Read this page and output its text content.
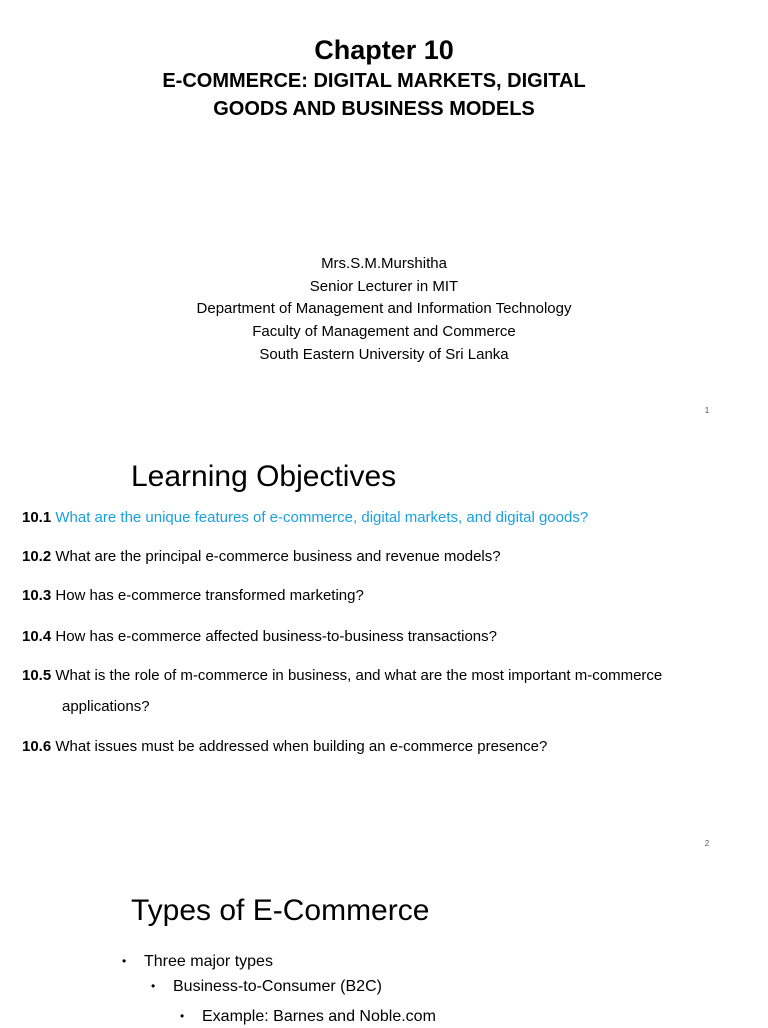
Chapter 10
E-COMMERCE: DIGITAL MARKETS, DIGITAL
GOODS AND BUSINESS MODELS
Mrs.S.M.Murshitha
Senior Lecturer in MIT
Department of Management and Information Technology
Faculty of Management and Commerce
South Eastern University of Sri Lanka
1
Learning Objectives
10.1 What are the unique features of e-commerce, digital markets, and digital goods?
10.2 What are the principal e-commerce business and revenue models?
10.3 How has e-commerce transformed marketing?
10.4 How has e-commerce affected business-to-business transactions?
10.5 What is the role of m-commerce in business, and what are the most important m-commerce
applications?
10.6 What issues must be addressed when building an e-commerce presence?
2
Types of E-Commerce
• Three major types
• Business-to-Consumer (B2C)
• Example: Barnes and Noble.com
